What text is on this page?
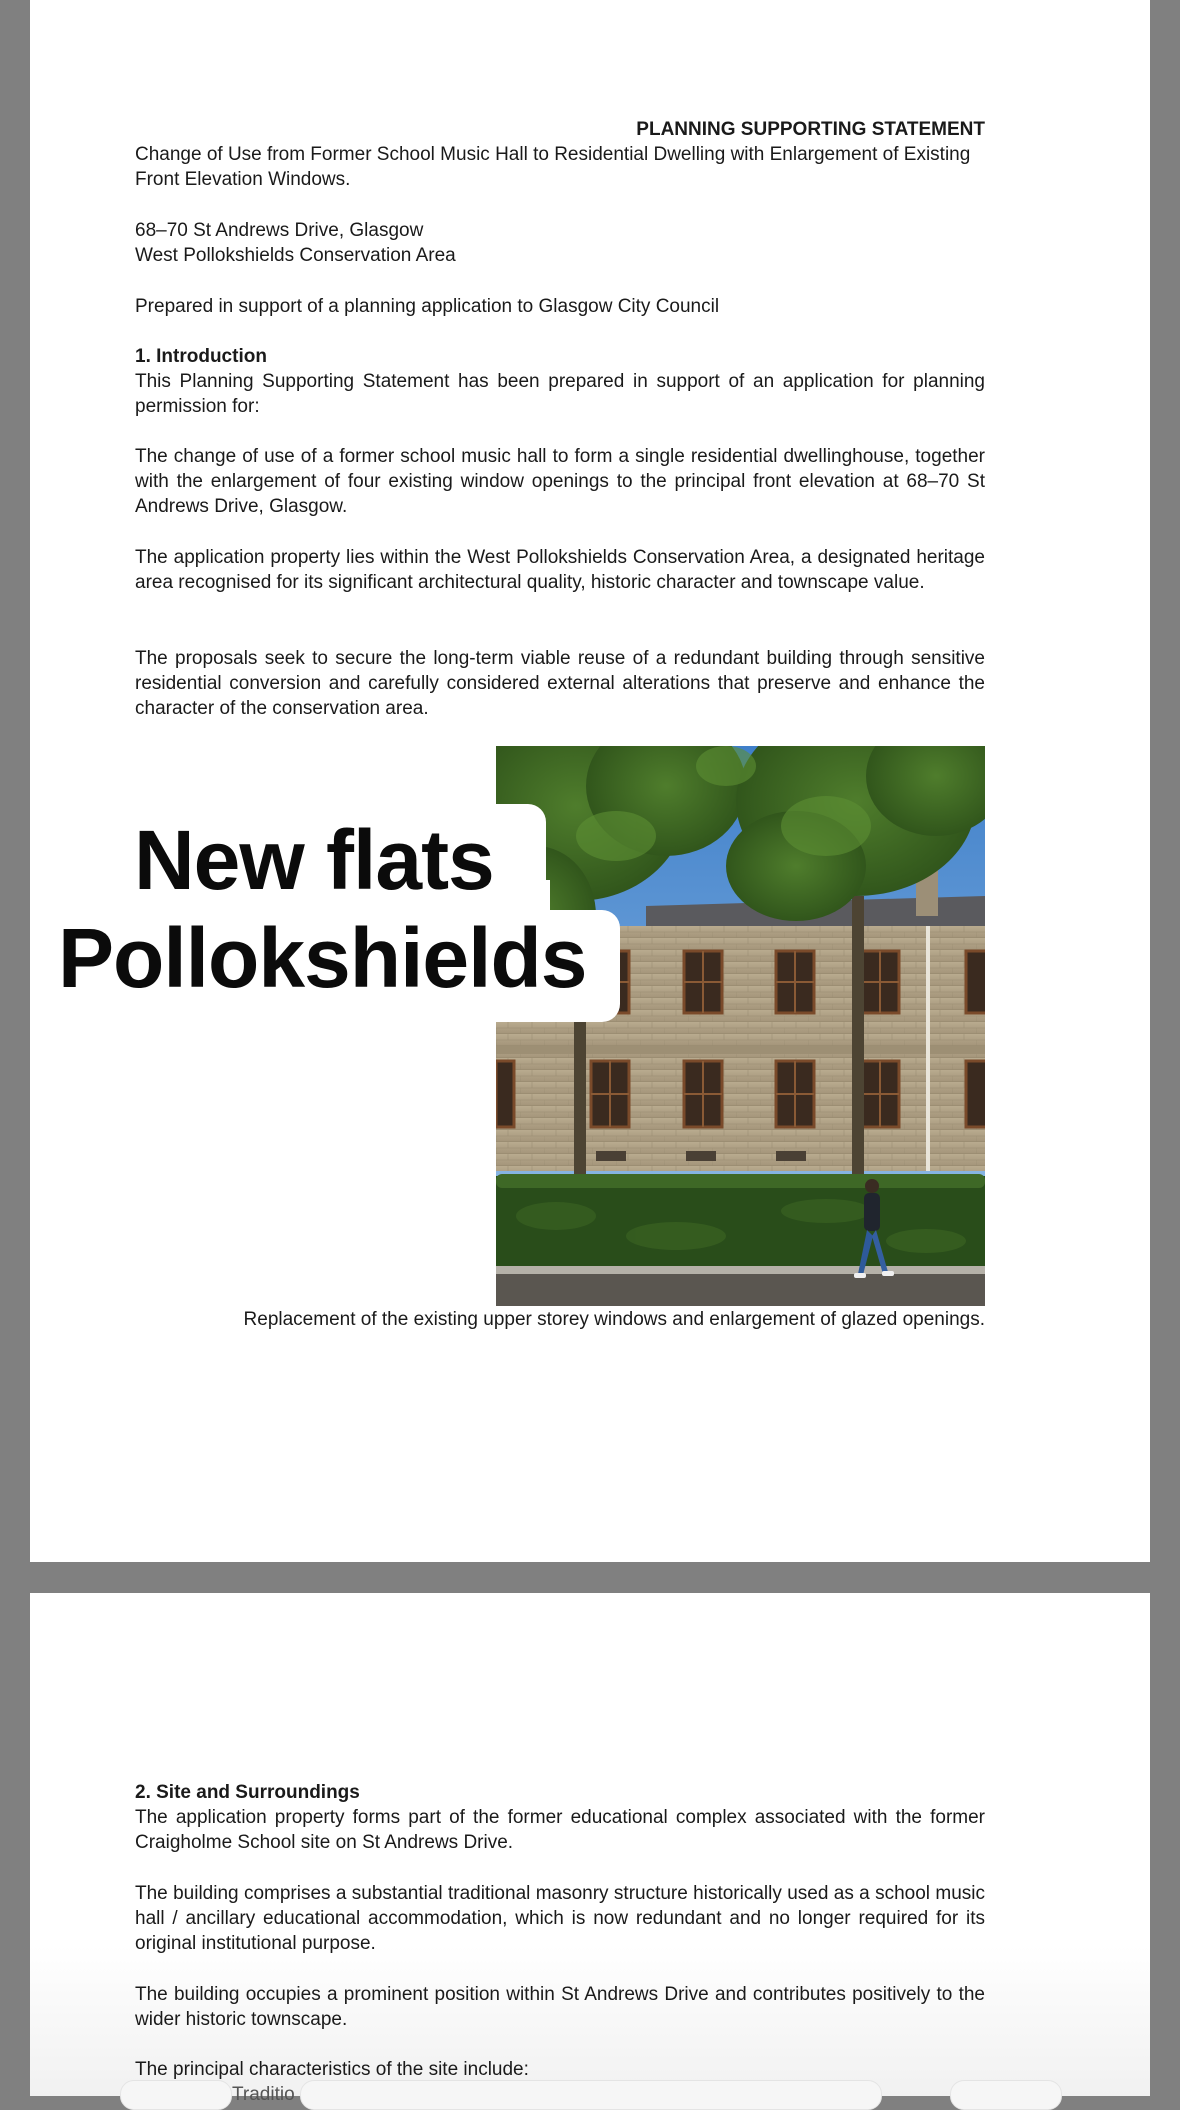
PLANNING SUPPORTING STATEMENT

Change of Use from Former School Music Hall to Residential Dwelling with Enlargement of Existing Front Elevation Windows.

68–70 St Andrews Drive, Glasgow

West Pollokshields Conservation Area

Prepared in support of a planning application to Glasgow City Council

1. Introduction

This Planning Supporting Statement has been prepared in support of an application for planning permission for:

The change of use of a former school music hall to form a single residential dwellinghouse, together with the enlargement of four existing window openings to the principal front elevation at 68–70 St Andrews Drive, Glasgow.

The application property lies within the West Pollokshields Conservation Area, a designated heritage area recognised for its significant architectural quality, historic character and townscape value.

The proposals seek to secure the long-term viable reuse of a redundant building through sensitive residential conversion and carefully considered external alterations that preserve and enhance the character of the conservation area.

New flats

Pollokshields

Replacement of the existing upper storey windows and enlargement of glazed openings.

2. Site and Surroundings

The application property forms part of the former educational complex associated with the former Craigholme School site on St Andrews Drive.

The building comprises a substantial traditional masonry structure historically used as a school music hall / ancillary educational accommodation, which is now redundant and no longer required for its original institutional purpose.

The building occupies a prominent position within St Andrews Drive and contributes positively to the wider historic townscape.

The principal characteristics of the site include:

Traditio
